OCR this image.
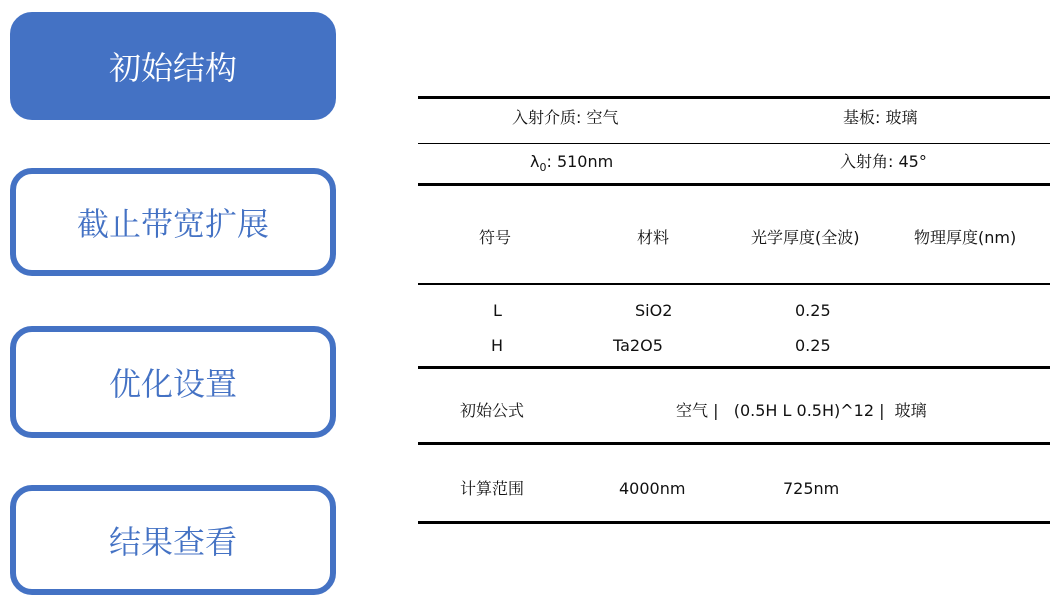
初始结构
截止带宽扩展
优化设置
结果查看
入射介质: 空气	基板: 玻璃
$\lambda_0$: 510nm	入射角: 45°
符号	材料	光学厚度(全波)	物理厚度(nm)
L	SiO2	0.25
H	Ta2O5	0.25
初始公式	空气 |   (0.5H L 0.5H)^12 |  玻璃
计算范围	4000nm	725nm
